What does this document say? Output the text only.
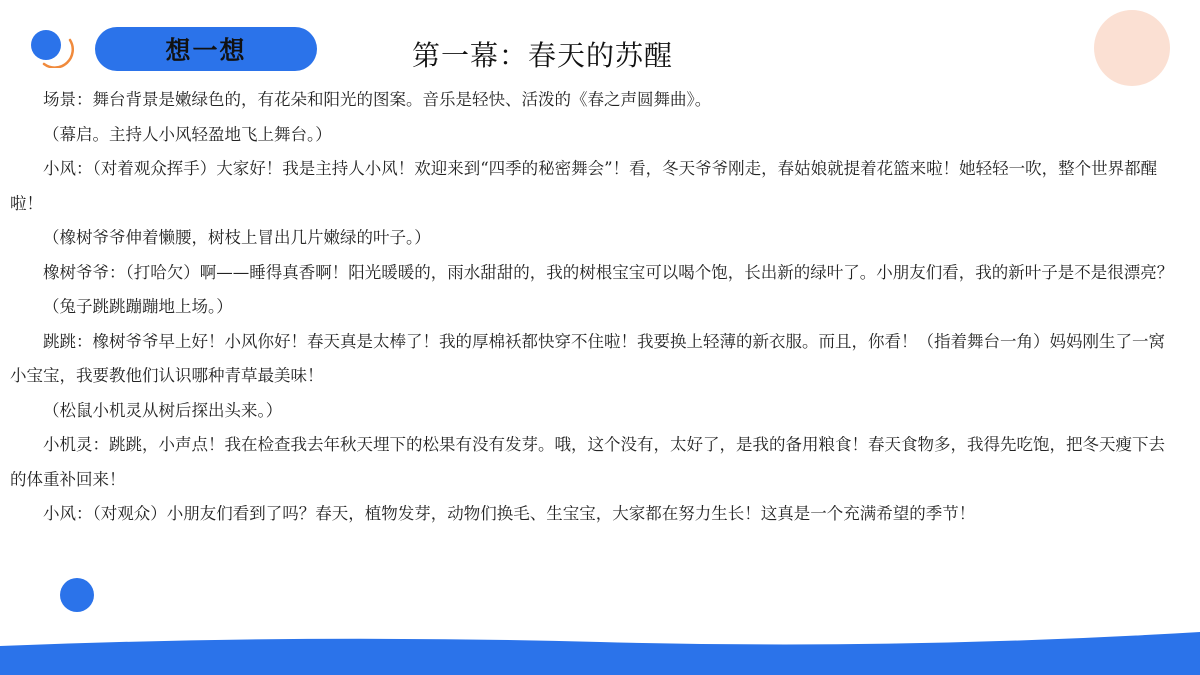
想一想	第一幕：春天的苏醒

场景：舞台背景是嫩绿色的，有花朵和阳光的图案。音乐是轻快、活泼的《春之声圆舞曲》。

（幕启。主持人小风轻盈地飞上舞台。）

小风：（对着观众挥手）大家好！我是主持人小风！欢迎来到“四季的秘密舞会”！看，冬天爷爷刚走，春姑娘就提着花篮来啦！她轻轻一吹，整个世界都醒啦！

（橡树爷爷伸着懒腰，树枝上冒出几片嫩绿的叶子。）

橡树爷爷：（打哈欠）啊——睡得真香啊！阳光暖暖的，雨水甜甜的，我的树根宝宝可以喝个饱，长出新的绿叶了。小朋友们看，我的新叶子是不是很漂亮？

（兔子跳跳蹦蹦地上场。）

跳跳：橡树爷爷早上好！小风你好！春天真是太棒了！我的厚棉袄都快穿不住啦！我要换上轻薄的新衣服。而且，你看！（指着舞台一角）妈妈刚生了一窝小宝宝，我要教他们认识哪种青草最美味！

（松鼠小机灵从树后探出头来。）

小机灵：跳跳，小声点！我在检查我去年秋天埋下的松果有没有发芽。哦，这个没有，太好了，是我的备用粮食！春天食物多，我得先吃饱，把冬天瘦下去的体重补回来！

小风：（对观众）小朋友们看到了吗？春天，植物发芽，动物们换毛、生宝宝，大家都在努力生长！这真是一个充满希望的季节！
